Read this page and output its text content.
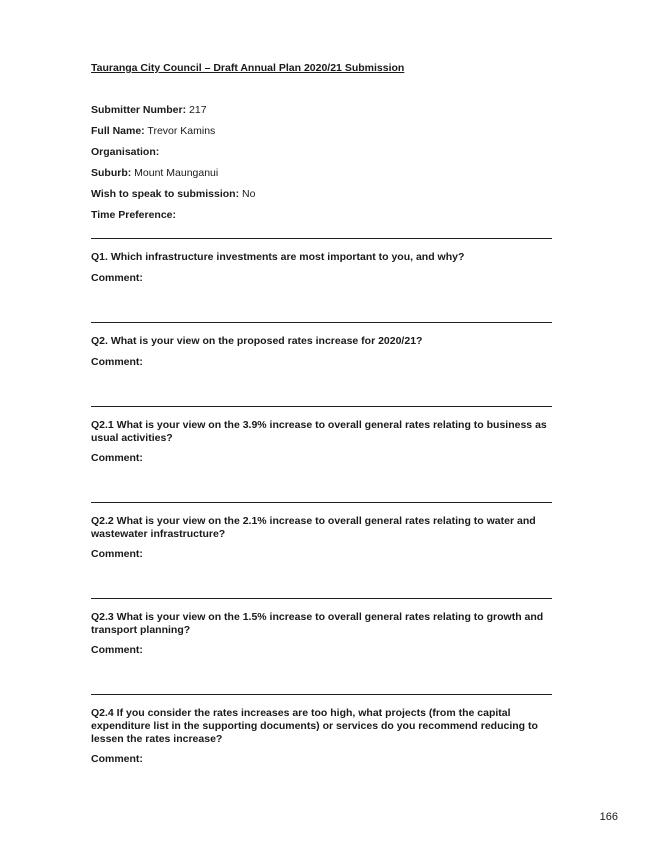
Tauranga City Council – Draft Annual Plan 2020/21 Submission
Submitter Number: 217
Full Name: Trevor Kamins
Organisation:
Suburb: Mount Maunganui
Wish to speak to submission: No
Time Preference:
Q1. Which infrastructure investments are most important to you, and why?
Comment:
Q2. What is your view on the proposed rates increase for 2020/21?
Comment:
Q2.1 What is your view on the 3.9% increase to overall general rates relating to business as usual activities?
Comment:
Q2.2 What is your view on the 2.1% increase to overall general rates relating to water and wastewater infrastructure?
Comment:
Q2.3 What is your view on the 1.5% increase to overall general rates relating to growth and transport planning?
Comment:
Q2.4 If you consider the rates increases are too high, what projects (from the capital expenditure list in the supporting documents) or services do you recommend reducing to lessen the rates increase?
Comment:
166
